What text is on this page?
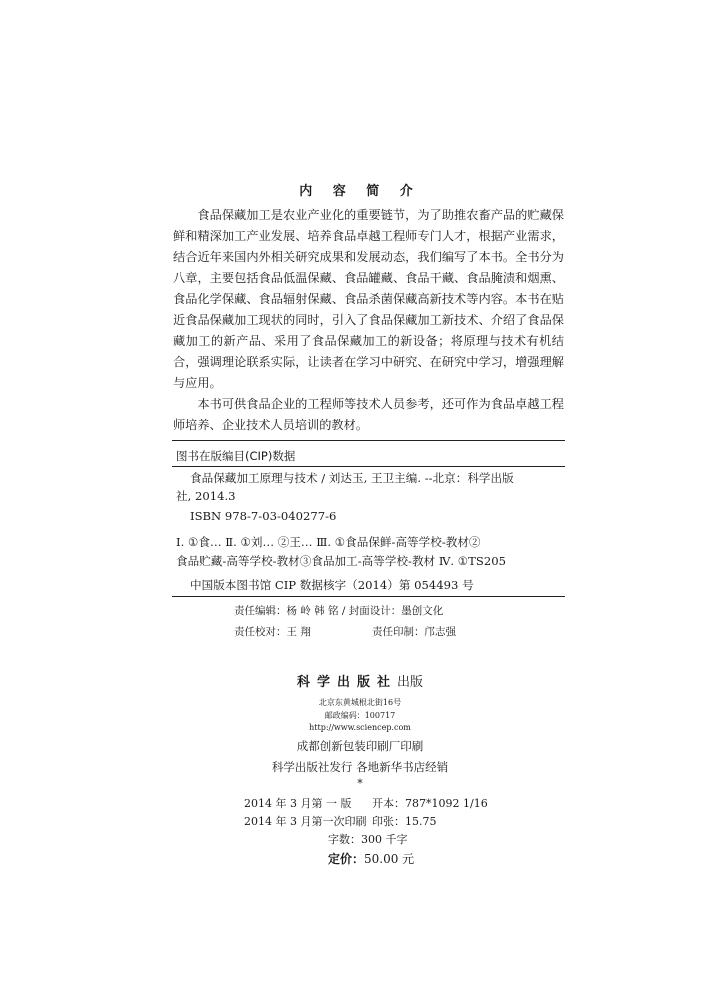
内 容 简 介

食品保藏加工是农业产业化的重要链节，为了助推农畜产品的贮藏保鲜和精深加工产业发展、培养食品卓越工程师专门人才，根据产业需求，结合近年来国内外相关研究成果和发展动态，我们编写了本书。全书分为八章，主要包括食品低温保藏、食品罐藏、食品干藏、食品腌渍和烟熏、食品化学保藏、食品辐射保藏、食品杀菌保藏高新技术等内容。本书在贴近食品保藏加工现状的同时，引入了食品保藏加工新技术、介绍了食品保藏加工的新产品、采用了食品保藏加工的新设备；将原理与技术有机结合，强调理论联系实际，让读者在学习中研究、在研究中学习，增强理解与应用。

本书可供食品企业的工程师等技术人员参考，还可作为食品卓越工程师培养、企业技术人员培训的教材。

图书在版编目(CIP)数据
食品保藏加工原理与技术 / 刘达玉, 王卫主编. --北京：科学出版
社, 2014.3
ISBN 978-7-03-040277-6
Ⅰ. ①食… Ⅱ. ①刘… ②王… Ⅲ. ①食品保鲜-高等学校-教材②
食品贮藏-高等学校-教材③食品加工-高等学校-教材 Ⅳ. ①TS205
中国版本图书馆 CIP 数据核字（2014）第 054493 号
责任编辑：杨 岭 韩 铭 / 封面设计：墨创文化
责任校对：王 翔	责任印制：邝志强
科学出版社出版
北京东黄城根北街16号
邮政编码：100717
http://www.sciencep.com
成都创新包装印刷厂印刷
科学出版社发行 各地新华书店经销
*
2014 年 3 月第 一 版 开本：787*1092 1/16
2014 年 3 月第一次印刷 印张：15.75
字数：300 千字
定价：50.00 元
